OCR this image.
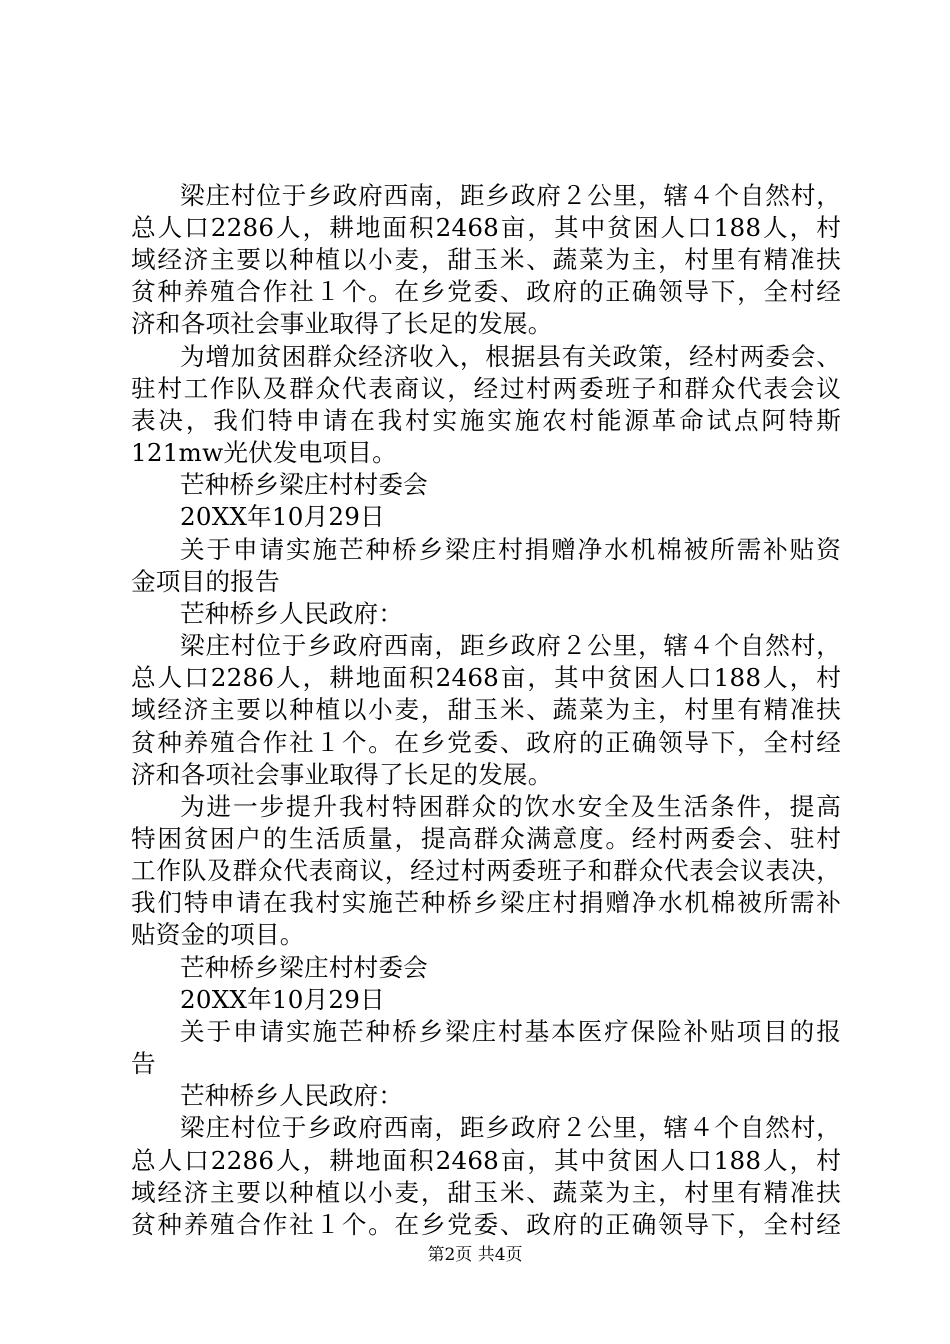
梁庄村位于乡政府西南，距乡政府２公里，辖４个自然村，
总人口2286人，耕地面积2468亩，其中贫困人口188人，村
域经济主要以种植以小麦，甜玉米、蔬菜为主，村里有精准扶
贫种养殖合作社１个。在乡党委、政府的正确领导下，全村经
济和各项社会事业取得了长足的发展。
为增加贫困群众经济收入，根据县有关政策，经村两委会、
驻村工作队及群众代表商议，经过村两委班子和群众代表会议
表决，我们特申请在我村实施实施农村能源革命试点阿特斯
121mw光伏发电项目。
芒种桥乡梁庄村村委会
20XX年10月29日
关于申请实施芒种桥乡梁庄村捐赠净水机棉被所需补贴资
金项目的报告
芒种桥乡人民政府：
梁庄村位于乡政府西南，距乡政府２公里，辖４个自然村，
总人口2286人，耕地面积2468亩，其中贫困人口188人，村
域经济主要以种植以小麦，甜玉米、蔬菜为主，村里有精准扶
贫种养殖合作社１个。在乡党委、政府的正确领导下，全村经
济和各项社会事业取得了长足的发展。
为进一步提升我村特困群众的饮水安全及生活条件，提高
特困贫困户的生活质量，提高群众满意度。经村两委会、驻村
工作队及群众代表商议，经过村两委班子和群众代表会议表决，
我们特申请在我村实施芒种桥乡梁庄村捐赠净水机棉被所需补
贴资金的项目。
芒种桥乡梁庄村村委会
20XX年10月29日
关于申请实施芒种桥乡梁庄村基本医疗保险补贴项目的报
告
芒种桥乡人民政府：
梁庄村位于乡政府西南，距乡政府２公里，辖４个自然村，
总人口2286人，耕地面积2468亩，其中贫困人口188人，村
域经济主要以种植以小麦，甜玉米、蔬菜为主，村里有精准扶
贫种养殖合作社１个。在乡党委、政府的正确领导下，全村经
第2页 共4页
